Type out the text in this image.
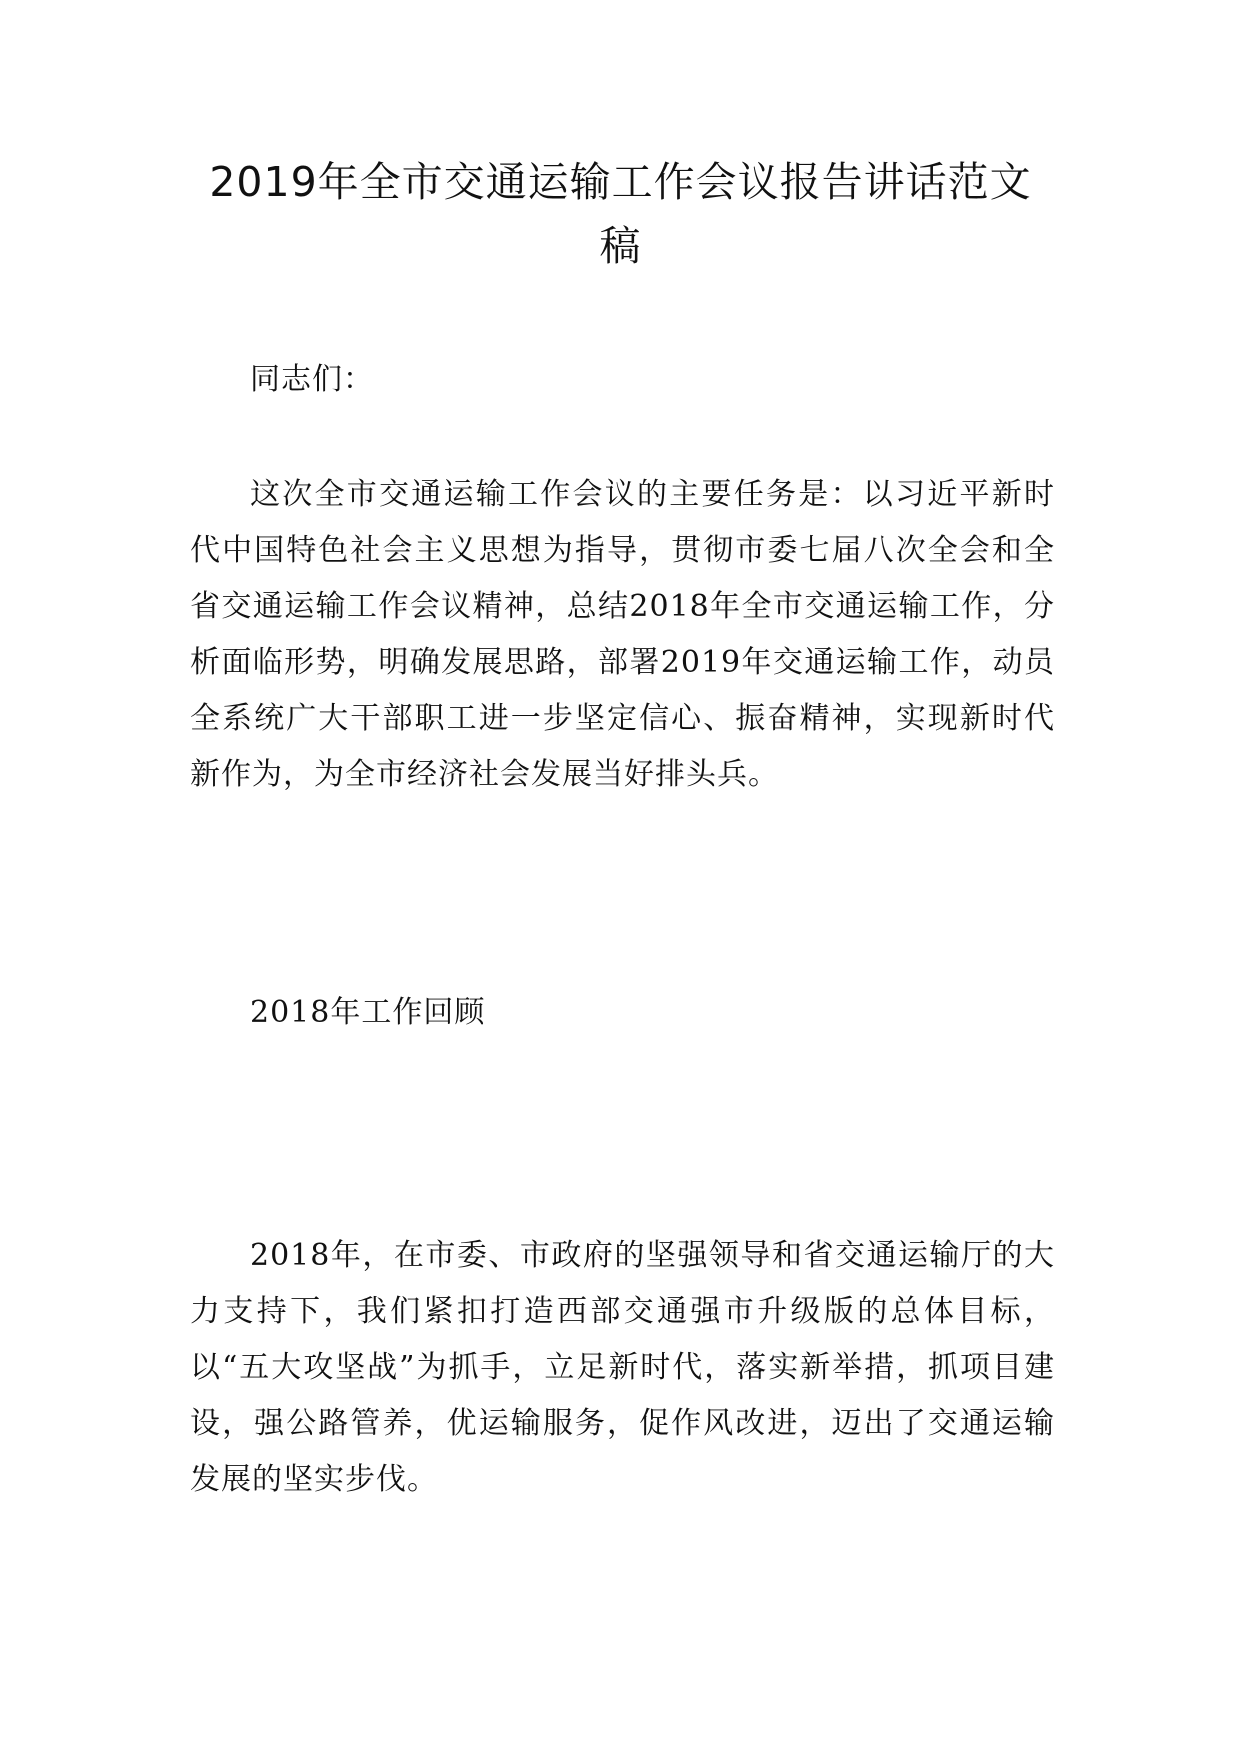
2019年全市交通运输工作会议报告讲话范文稿

同志们：

这次全市交通运输工作会议的主要任务是：以习近平新时代中国特色社会主义思想为指导，贯彻市委七届八次全会和全省交通运输工作会议精神，总结2018年全市交通运输工作，分析面临形势，明确发展思路，部署2019年交通运输工作，动员全系统广大干部职工进一步坚定信心、振奋精神，实现新时代新作为，为全市经济社会发展当好排头兵。

2018年工作回顾

2018年，在市委、市政府的坚强领导和省交通运输厅的大力支持下，我们紧扣打造西部交通强市升级版的总体目标，以“五大攻坚战”为抓手，立足新时代，落实新举措，抓项目建设，强公路管养，优运输服务，促作风改进，迈出了交通运输发展的坚实步伐。
